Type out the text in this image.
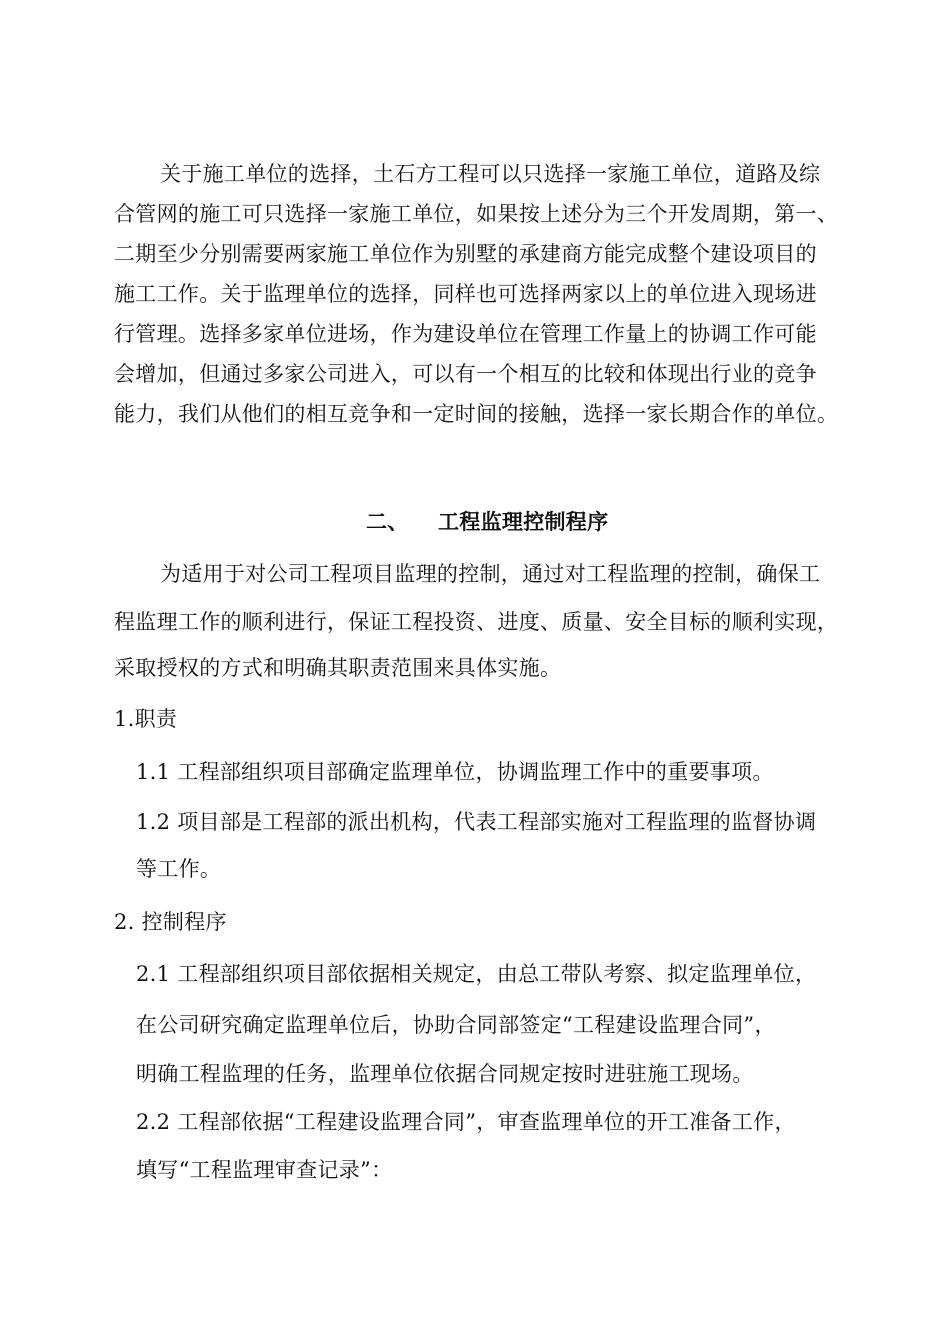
关于施工单位的选择，土石方工程可以只选择一家施工单位，道路及综
合管网的施工可只选择一家施工单位，如果按上述分为三个开发周期，第一、
二期至少分别需要两家施工单位作为别墅的承建商方能完成整个建设项目的
施工工作。关于监理单位的选择，同样也可选择两家以上的单位进入现场进
行管理。选择多家单位进场，作为建设单位在管理工作量上的协调工作可能
会增加，但通过多家公司进入，可以有一个相互的比较和体现出行业的竞争
能力，我们从他们的相互竞争和一定时间的接触，选择一家长期合作的单位。
二、 工程监理控制程序
为适用于对公司工程项目监理的控制，通过对工程监理的控制，确保工
程监理工作的顺利进行，保证工程投资、进度、质量、安全目标的顺利实现，
采取授权的方式和明确其职责范围来具体实施。
1.职责
1.1 工程部组织项目部确定监理单位，协调监理工作中的重要事项。
1.2 项目部是工程部的派出机构，代表工程部实施对工程监理的监督协调
等工作。
2. 控制程序
2.1 工程部组织项目部依据相关规定，由总工带队考察、拟定监理单位，
在公司研究确定监理单位后，协助合同部签定“工程建设监理合同”，
明确工程监理的任务，监理单位依据合同规定按时进驻施工现场。
2.2 工程部依据“工程建设监理合同”，审查监理单位的开工准备工作，
填写“工程监理审查记录”：
